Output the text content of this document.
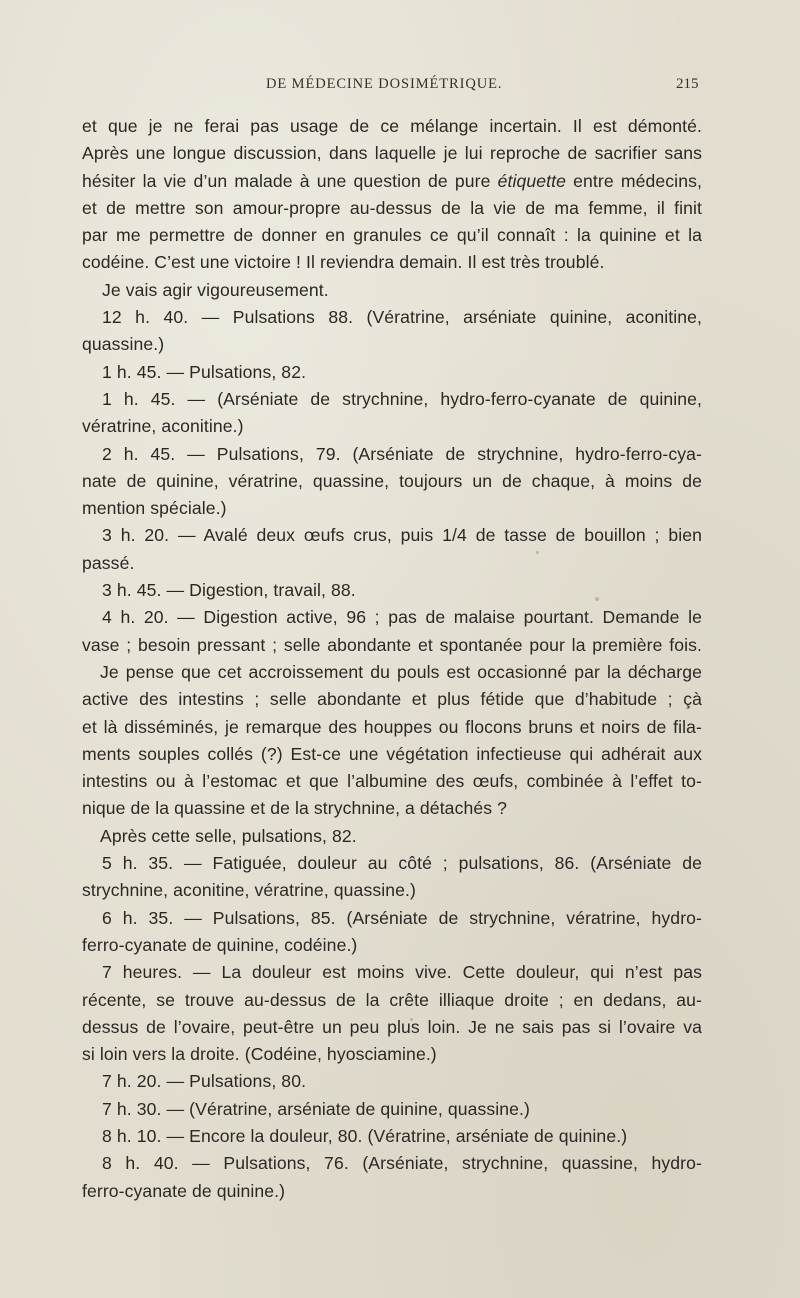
DE MÉDECINE DOSIMÉTRIQUE.	215
et que je ne ferai pas usage de ce mélange incertain. Il est démonté.
Après une longue discussion, dans laquelle je lui reproche de sacrifier sans
hésiter la vie d’un malade à une question de pure étiquette entre médecins,
et de mettre son amour-propre au-dessus de la vie de ma femme, il finit
par me permettre de donner en granules ce qu’il connaît : la quinine et la
codéine. C’est une victoire ! Il reviendra demain. Il est très troublé.
Je vais agir vigoureusement.
12 h. 40. — Pulsations 88. (Vératrine, arséniate quinine, aconitine,
quassine.)
1 h. 45. — Pulsations, 82.
1 h. 45. — (Arséniate de strychnine, hydro-ferro-cyanate de quinine,
vératrine, aconitine.)
2 h. 45. — Pulsations, 79. (Arséniate de strychnine, hydro-ferro-cya-
nate de quinine, vératrine, quassine, toujours un de chaque, à moins de
mention spéciale.)
3 h. 20. — Avalé deux œufs crus, puis 1/4 de tasse de bouillon ; bien
passé.
3 h. 45. — Digestion, travail, 88.
4 h. 20. — Digestion active, 96 ; pas de malaise pourtant. Demande le
vase ; besoin pressant ; selle abondante et spontanée pour la première fois.
Je pense que cet accroissement du pouls est occasionné par la décharge
active des intestins ; selle abondante et plus fétide que d’habitude ; çà
et là disséminés, je remarque des houppes ou flocons bruns et noirs de fila-
ments souples collés (?) Est-ce une végétation infectieuse qui adhérait aux
intestins ou à l’estomac et que l’albumine des œufs, combinée à l’effet to-
nique de la quassine et de la strychnine, a détachés ?
Après cette selle, pulsations, 82.
5 h. 35. — Fatiguée, douleur au côté ; pulsations, 86. (Arséniate de
strychnine, aconitine, vératrine, quassine.)
6 h. 35. — Pulsations, 85. (Arséniate de strychnine, vératrine, hydro-
ferro-cyanate de quinine, codéine.)
7 heures. — La douleur est moins vive. Cette douleur, qui n’est pas
récente, se trouve au-dessus de la crête illiaque droite ; en dedans, au-
dessus de l’ovaire, peut-être un peu plus loin. Je ne sais pas si l’ovaire va
si loin vers la droite. (Codéine, hyosciamine.)
7 h. 20. — Pulsations, 80.
7 h. 30. — (Vératrine, arséniate de quinine, quassine.)
8 h. 10. — Encore la douleur, 80. (Vératrine, arséniate de quinine.)
8 h. 40. — Pulsations, 76. (Arséniate, strychnine, quassine, hydro-
ferro-cyanate de quinine.)
